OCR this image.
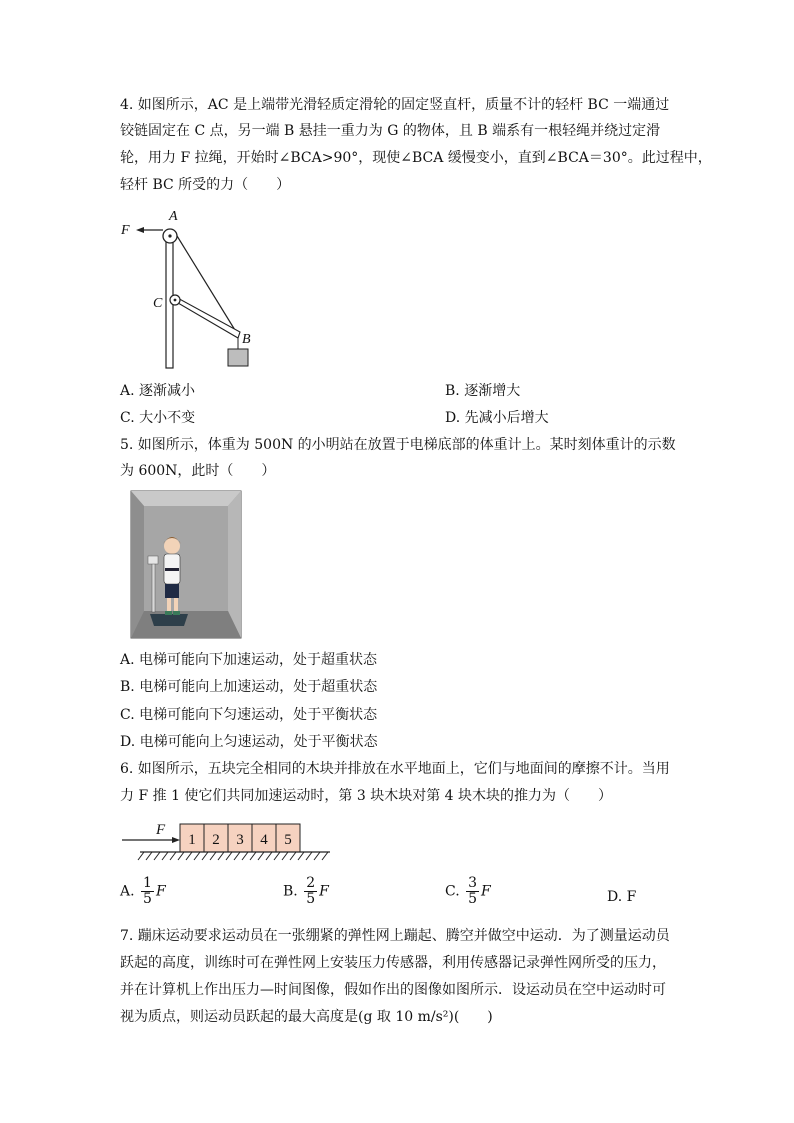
4. 如图所示，AC 是上端带光滑轻质定滑轮的固定竖直杆，质量不计的轻杆 BC 一端通过
铰链固定在 C 点，另一端 B 悬挂一重力为 G 的物体，且 B 端系有一根轻绳并绕过定滑
轮，用力 F 拉绳，开始时∠BCA>90°，现使∠BCA 缓慢变小，直到∠BCA＝30°。此过程中，
轻杆 BC 所受的力（　　）
F
A
C
B
A. 逐渐减小	B. 逐渐增大
C. 大小不变	D. 先减小后增大
5. 如图所示，体重为 500N 的小明站在放置于电梯底部的体重计上。某时刻体重计的示数
为 600N，此时（　　）
A. 电梯可能向下加速运动，处于超重状态
B. 电梯可能向上加速运动，处于超重状态
C. 电梯可能向下匀速运动，处于平衡状态
D. 电梯可能向上匀速运动，处于平衡状态
6. 如图所示，五块完全相同的木块并排放在水平地面上，它们与地面间的摩擦不计。当用
力 F 推 1 使它们共同加速运动时，第 3 块木块对第 4 块木块的推力为（　　）
F
1 2 3 4 5
A. $\frac{1}{5}$ F	B. $\frac{2}{5}$ F	C. $\frac{3}{5}$ F	D. F
7. 蹦床运动要求运动员在一张绷紧的弹性网上蹦起、腾空并做空中运动．为了测量运动员
跃起的高度，训练时可在弹性网上安装压力传感器，利用传感器记录弹性网所受的压力，
并在计算机上作出压力—时间图像，假如作出的图像如图所示．设运动员在空中运动时可
视为质点，则运动员跃起的最大高度是(g 取 10 m/s²)(　　)
